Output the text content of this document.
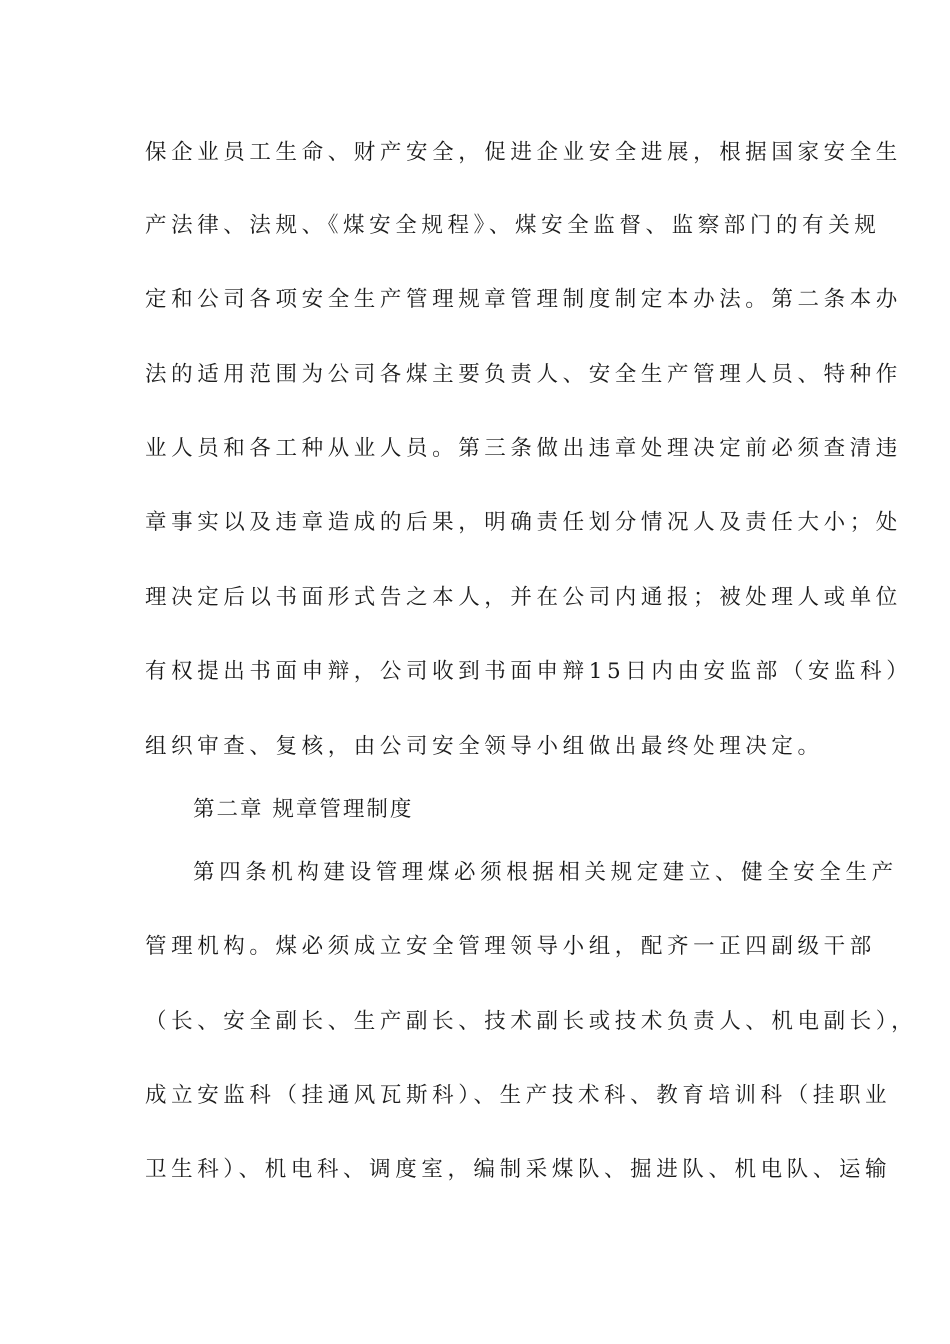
保企业员工生命、财产安全，促进企业安全进展，根据国家安全生
产法律、法规、《煤安全规程》、煤安全监督、监察部门的有关规
定和公司各项安全生产管理规章管理制度制定本办法。第二条本办
法的适用范围为公司各煤主要负责人、安全生产管理人员、特种作
业人员和各工种从业人员。第三条做出违章处理决定前必须查清违
章事实以及违章造成的后果，明确责任划分情况人及责任大小；处
理决定后以书面形式告之本人，并在公司内通报；被处理人或单位
有权提出书面申辩，公司收到书面申辩15日内由安监部（安监科）
组织审查、复核，由公司安全领导小组做出最终处理决定。
第二章 规章管理制度
第四条机构建设管理煤必须根据相关规定建立、健全安全生产
管理机构。煤必须成立安全管理领导小组，配齐一正四副级干部
（长、安全副长、生产副长、技术副长或技术负责人、机电副长），
成立安监科（挂通风瓦斯科）、生产技术科、教育培训科（挂职业
卫生科）、机电科、调度室，编制采煤队、掘进队、机电队、运输
